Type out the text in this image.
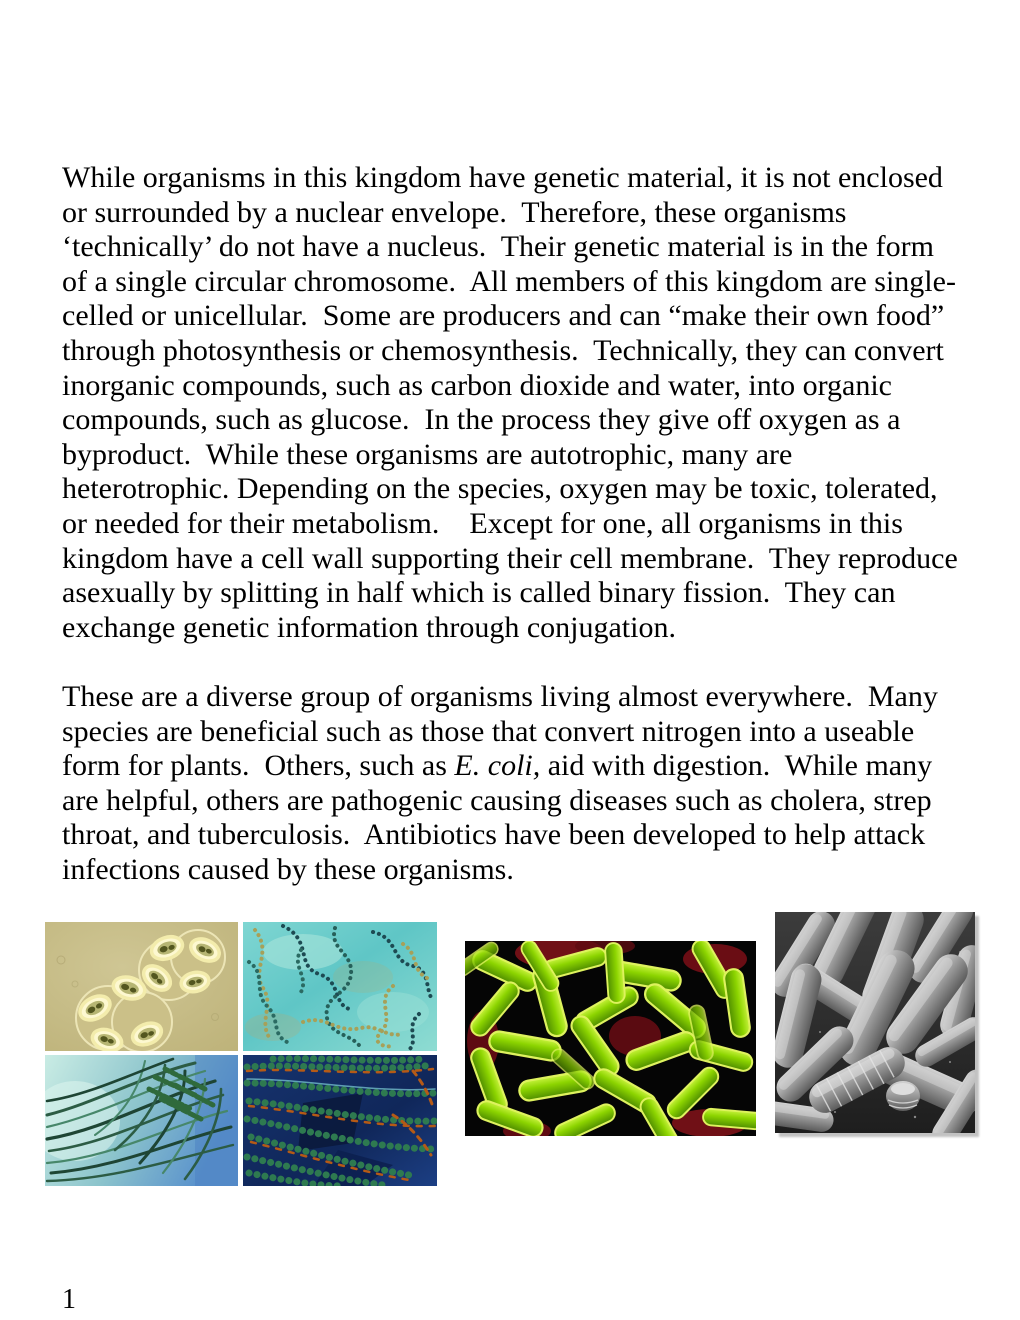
While organisms in this kingdom have genetic material, it is not enclosed or surrounded by a nuclear envelope.  Therefore, these organisms ‘technically’ do not have a nucleus.  Their genetic material is in the form of a single circular chromosome.  All members of this kingdom are single-celled or unicellular.  Some are producers and can “make their own food” through photosynthesis or chemosynthesis.  Technically, they can convert inorganic compounds, such as carbon dioxide and water, into organic compounds, such as glucose.  In the process they give off oxygen as a byproduct.  While these organisms are autotrophic, many are heterotrophic. Depending on the species, oxygen may be toxic, tolerated, or needed for their metabolism.    Except for one, all organisms in this kingdom have a cell wall supporting their cell membrane.  They reproduce asexually by splitting in half which is called binary fission.  They can exchange genetic information through conjugation.
These are a diverse group of organisms living almost everywhere.  Many species are beneficial such as those that convert nitrogen into a useable form for plants.  Others, such as E. coli, aid with digestion.  While many are helpful, others are pathogenic causing diseases such as cholera, strep throat, and tuberculosis.  Antibiotics have been developed to help attack infections caused by these organisms.
1
